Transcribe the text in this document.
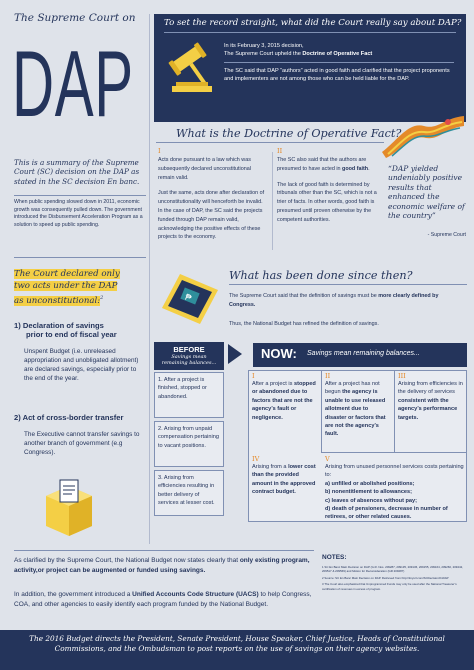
The Supreme Court on
DAP
This is a summary of the Supreme Court (SC) decision on the DAP as stated in the SC decision En banc.
When public spending slowed down in 2011, economic growth was consequently pulled down. The government introduced the Disbursement Acceleration Program as a solution to speed up public spending.
The Court declared only
two acts under the DAP
as unconstitutional:$^2$
1) Declaration of savings
prior to end of fiscal year
Unspent Budget (i.e. unreleased appropriation and unobligated allotment) are declared savings, especially prior to the end of the year.
2) Act of cross-border transfer
The Executive cannot transfer savings to another branch of government (e.g Congress).
To set the record straight, what did the Court really say about DAP?
In its February 3, 2015 decision,
The Supreme Court upheld the Doctrine of Operative Fact
The SC said that DAP “authors” acted in good faith and clarified that the project proponents and implementers are not among those who can be held liable for the DAP.
What is the Doctrine of Operative Fact?
I	II
Acts done pursuant to a law which was subsequently declared unconstitutional remain valid.
Just the same, acts done after declaration of unconstitutionality will henceforth be invalid. In the case of DAP, the SC said the projects funded through DAP remain valid, acknowledging the positive effects of these projects to the economy.
The SC also said that the authors are presumed to have acted in good faith.
The lack of good faith is determined by tribunals other than the SC, which is not a trier of facts. In other words, good faith is presumed until proven otherwise by the competent authorities.
“DAP yielded undeniably positive results that enhanced the economic welfare of the country”
- Supreme Court
₱
What has been done since then?
The Supreme Court said that the definition of savings must be more clearly defined by Congress.
Thus, the National Budget has refined the definition of savings.
BEFORE
Savings mean remaining balances...
1. After a project is finished, stopped or abandoned.
2. Arising from unpaid compensation pertaining to vacant positions.
3. Arising from efficiencies resulting in better delivery of services at lesser cost.
NOW: Savings mean remaining balances...
I
After a project is stopped or abandoned due to factors that are not the agency’s fault or negligence.
II
After a project has not begun the agency is unable to use released allotment due to disaster or factors that are not the agency’s fault.
III
Arising from efficiencies in the delivery of services consistent with the agency’s performance targets.
IV
Arising from a lower cost than the provided amount in the approved contract budget.
V
Arising from unused personnel services costs pertaining to:
a) unfilled or abolished positions;
b) nonentitlement to allowances;
c) leaves of absences without pay;
d) death of pensioners, decrease in number of retirees, or other related causes.
As clarified by the Supreme Court, the National Budget now states clearly that only existing program, activity,or project can be augmented or funded using savings.
In addition, the government introduced a Unified Accounts Code Structure (UACS) to help Congress, COA, and other agencies to easily identify each program funded by the National Budget.
NOTES:
1 SC En Banc Main Decision on DAP (G.R. Nos. 209287, 209135, 209136, 209155, 209164, 209260, 209442, 209517 & 209569) and Motion for Reconsideration (GR 209287)
2 Source: SC En Banc Main Decision on DAP. Retrieved from http://tinyurl.com/SCDecisionOnDAP
3 The Court also emphasized that Unprogrammed Funds may only be used after the National Treasurer’s certification of revenues in excess of program.
The 2016 Budget directs the President, Senate President, House Speaker, Chief Justice, Heads of Constitutional Commissions, and the Ombudsman to post reports on the use of savings on their agency websites.
